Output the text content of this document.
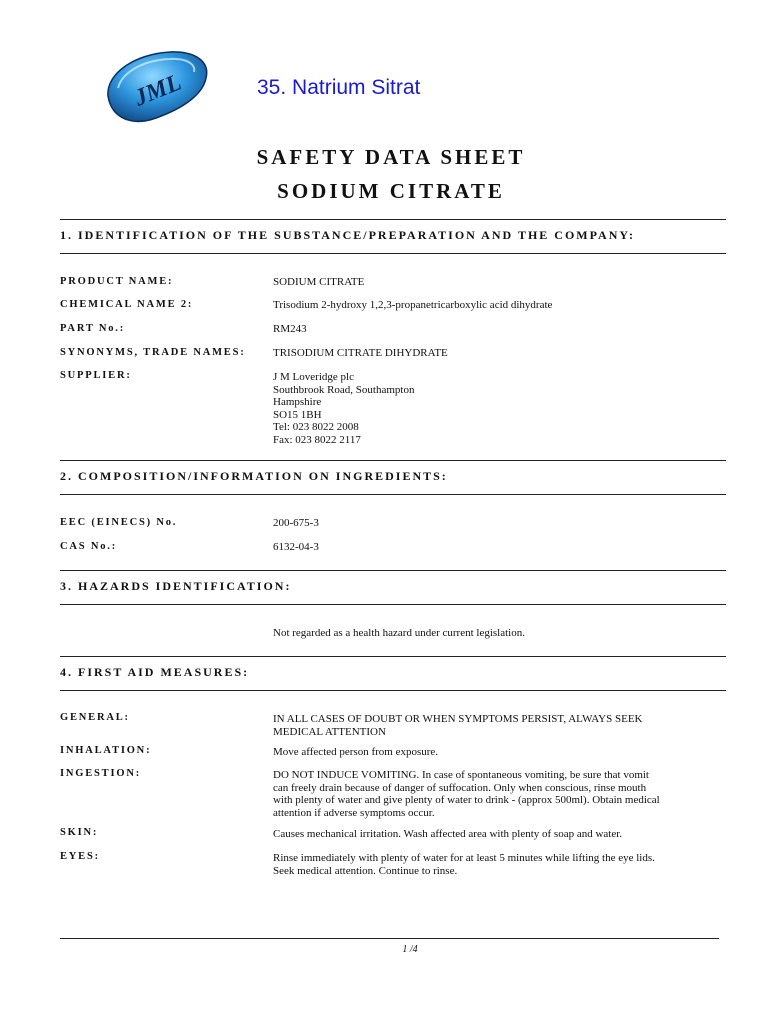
JML	35. Natrium Sitrat
SAFETY DATA SHEET
SODIUM CITRATE
1. IDENTIFICATION OF THE SUBSTANCE/PREPARATION AND THE COMPANY:
PRODUCT NAME:	SODIUM CITRATE
CHEMICAL NAME 2:	Trisodium 2-hydroxy 1,2,3-propanetricarboxylic acid dihydrate
PART No.:	RM243
SYNONYMS, TRADE NAMES: TRISODIUM CITRATE DIHYDRATE
SUPPLIER:	J M Loveridge plc
Southbrook Road, Southampton
Hampshire
SO15 1BH
Tel: 023 8022 2008
Fax: 023 8022 2117
2. COMPOSITION/INFORMATION ON INGREDIENTS:
EEC (EINECS) No.	200-675-3
CAS No.:	6132-04-3
3. HAZARDS IDENTIFICATION:
Not regarded as a health hazard under current legislation.
4. FIRST AID MEASURES:
GENERAL:	IN ALL CASES OF DOUBT OR WHEN SYMPTOMS PERSIST, ALWAYS SEEK
MEDICAL ATTENTION
INHALATION:	Move affected person from exposure.
INGESTION:	DO NOT INDUCE VOMITING. In case of spontaneous vomiting, be sure that vomit
can freely drain because of danger of suffocation. Only when conscious, rinse mouth
with plenty of water and give plenty of water to drink - (approx 500ml). Obtain medical
attention if adverse symptoms occur.
SKIN:	Causes mechanical irritation. Wash affected area with plenty of soap and water.
EYES:	Rinse immediately with plenty of water for at least 5 minutes while lifting the eye lids.
Seek medical attention. Continue to rinse.
1 /4
